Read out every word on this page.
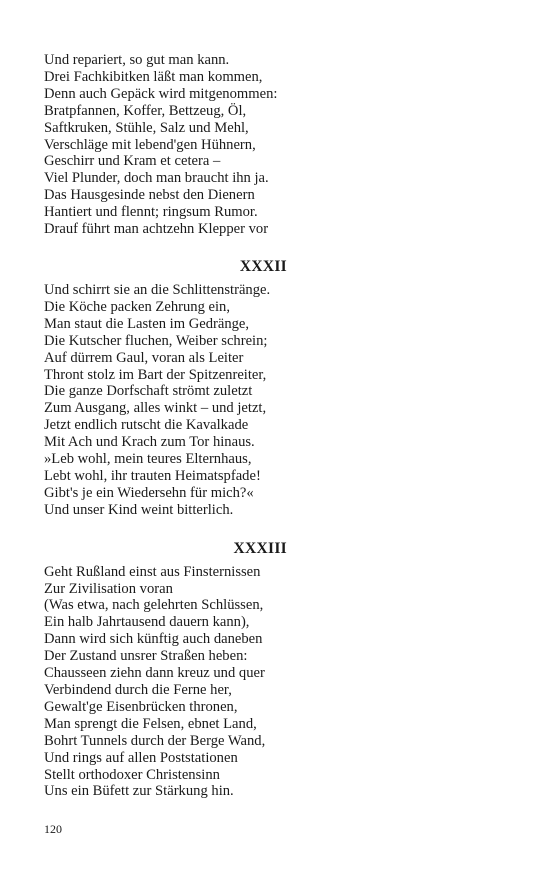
Und repariert, so gut man kann.
Drei Fachkibitken läßt man kommen,
Denn auch Gepäck wird mitgenommen:
Bratpfannen, Koffer, Bettzeug, Öl,
Saftkruken, Stühle, Salz und Mehl,
Verschläge mit lebend'gen Hühnern,
Geschirr und Kram et cetera –
Viel Plunder, doch man braucht ihn ja.
Das Hausgesinde nebst den Dienern
Hantiert und flennt; ringsum Rumor.
Drauf führt man achtzehn Klepper vor
XXXII
Und schirrt sie an die Schlittenstränge.
Die Köche packen Zehrung ein,
Man staut die Lasten im Gedränge,
Die Kutscher fluchen, Weiber schrein;
Auf dürrem Gaul, voran als Leiter
Thront stolz im Bart der Spitzenreiter,
Die ganze Dorfschaft strömt zuletzt
Zum Ausgang, alles winkt – und jetzt,
Jetzt endlich rutscht die Kavalkade
Mit Ach und Krach zum Tor hinaus.
»Leb wohl, mein teures Elternhaus,
Lebt wohl, ihr trauten Heimatspfade!
Gibt's je ein Wiedersehn für mich?«
Und unser Kind weint bitterlich.
XXXIII
Geht Rußland einst aus Finsternissen
Zur Zivilisation voran
(Was etwa, nach gelehrten Schlüssen,
Ein halb Jahrtausend dauern kann),
Dann wird sich künftig auch daneben
Der Zustand unsrer Straßen heben:
Chausseen ziehn dann kreuz und quer
Verbindend durch die Ferne her,
Gewalt'ge Eisenbrücken thronen,
Man sprengt die Felsen, ebnet Land,
Bohrt Tunnels durch der Berge Wand,
Und rings auf allen Poststationen
Stellt orthodoxer Christensinn
Uns ein Büfett zur Stärkung hin.
120
